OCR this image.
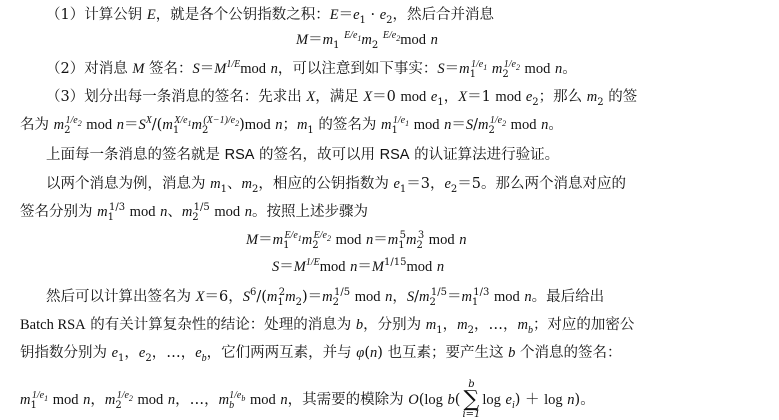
（1）计算公钥 E，就是各个公钥指数之积：$E=e_1 \cdot e_2$，然后合并消息
$M=m_1$ $^{E/e_1}m_2$ $^{E/e_2}$mod n
（2）对消息 M 签名：$S=M^{1/E}mod$ n，可以注意到如下事实：$S=m_1^{1/e_1}$ $m_2^{1/e_2}$ mod n。
（3）划分出每一条消息的签名：先求出 X，满足 X＝0 mod $e_1$，X＝1 mod $e_2$；那么 $m_2$ 的签
名为 $m_2^{1/e_2}$ mod $n=S^X/(m_1^{X/e_1}m_2^{(X-1)/e_2})mod$ n；$m_1$ 的签名为 $m_1^{1/e_1}$ mod $n=S/m_2^{1/e_2}$ mod n。
上面每一条消息的签名就是 RSA 的签名，故可以用 RSA 的认证算法进行验证。
以两个消息为例，消息为 $m_1$、$m_2$，相应的公钥指数为 $e_1=3$，$e_2=5$。那么两个消息对应的
签名分别为 $m_1^{1/3}$ mod n、$m_2^{1/5}$ mod n。按照上述步骤为
$M=m_1^{E/e_1}m_2^{E/e_2}$ mod $n=m_1^5m_2^3$ mod n
$S=M^{1/E}mod$ $n=M^{1/15}mod$ n
然后可以计算出签名为 X＝6，$S^6/(m_1^2m_2)=m_2^{1/5}$ mod n，$S/m_2^{1/5}=m_1^{1/3}$ mod n。最后给出
Batch RSA 的有关计算复杂性的结论：处理的消息为 b，分别为 $m_1$，$m_2$，…，$m_b$；对应的加密公
钥指数分别为 $e_1$，$e_2$，…，$e_b$，它们两两互素，并与 φ(n) 也互素；要产生这 b 个消息的签名：
$m_1^{1/e_1}$ mod n，$m_2^{1/e_2}$ mod n，…，$m_b^{1/e_b}$ mod n，其需要的模除为 O(log b(
b
∑
i=1
$\log e_i) + \log n$)。
